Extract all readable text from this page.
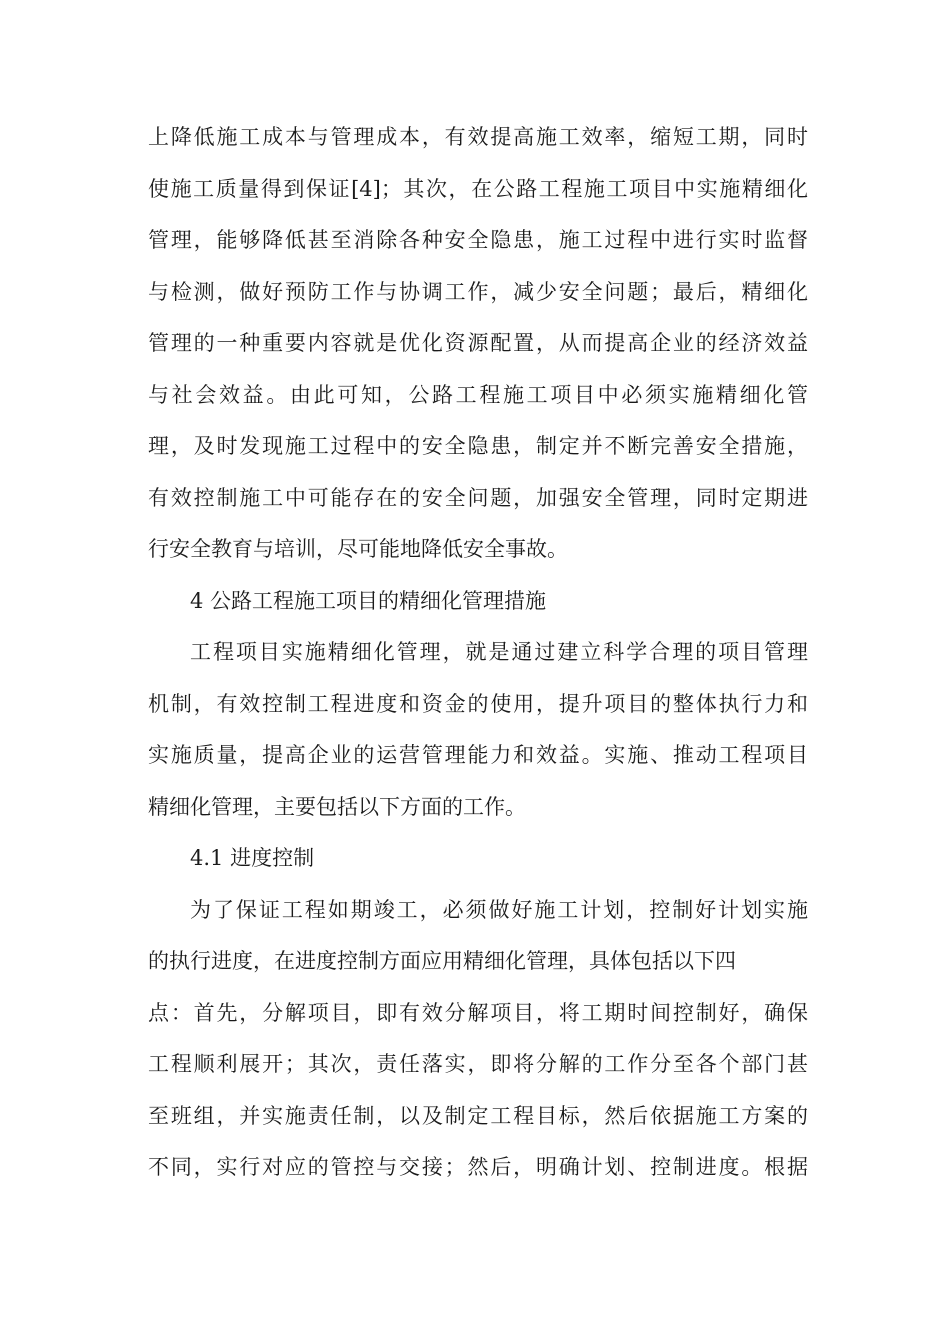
上降低施工成本与管理成本，有效提高施工效率，缩短工期，同时

使施工质量得到保证[4]；其次，在公路工程施工项目中实施精细化

管理，能够降低甚至消除各种安全隐患，施工过程中进行实时监督

与检测，做好预防工作与协调工作，减少安全问题；最后，精细化

管理的一种重要内容就是优化资源配置，从而提高企业的经济效益

与社会效益。由此可知，公路工程施工项目中必须实施精细化管

理，及时发现施工过程中的安全隐患，制定并不断完善安全措施，

有效控制施工中可能存在的安全问题，加强安全管理，同时定期进

行安全教育与培训，尽可能地降低安全事故。

4 公路工程施工项目的精细化管理措施

工程项目实施精细化管理，就是通过建立科学合理的项目管理

机制，有效控制工程进度和资金的使用，提升项目的整体执行力和

实施质量，提高企业的运营管理能力和效益。实施、推动工程项目

精细化管理，主要包括以下方面的工作。

4.1 进度控制

为了保证工程如期竣工，必须做好施工计划，控制好计划实施

的执行进度，在进度控制方面应用精细化管理，具体包括以下四

点：首先，分解项目，即有效分解项目，将工期时间控制好，确保

工程顺利展开；其次，责任落实，即将分解的工作分至各个部门甚

至班组，并实施责任制，以及制定工程目标，然后依据施工方案的

不同，实行对应的管控与交接；然后，明确计划、控制进度。根据
